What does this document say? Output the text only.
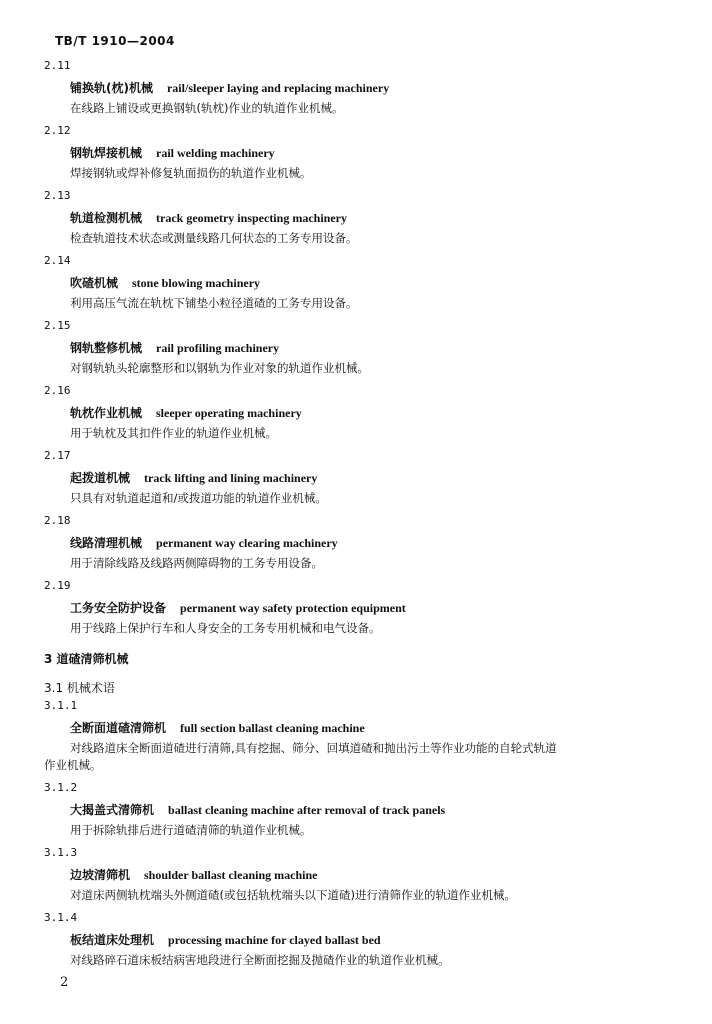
TB/T 1910—2004
2.11
铺换轨(枕)机械 rail/sleeper laying and replacing machinery
在线路上铺设或更换钢轨(轨枕)作业的轨道作业机械。
2.12
钢轨焊接机械 rail welding machinery
焊接钢轨或焊补修复轨面损伤的轨道作业机械。
2.13
轨道检测机械 track geometry inspecting machinery
检查轨道技术状态或测量线路几何状态的工务专用设备。
2.14
吹碴机械 stone blowing machinery
利用高压气流在轨枕下铺垫小粒径道碴的工务专用设备。
2.15
钢轨整修机械 rail profiling machinery
对钢轨轨头轮廓整形和以钢轨为作业对象的轨道作业机械。
2.16
轨枕作业机械 sleeper operating machinery
用于轨枕及其扣件作业的轨道作业机械。
2.17
起拨道机械 track lifting and lining machinery
只具有对轨道起道和/或拨道功能的轨道作业机械。
2.18
线路清理机械 permanent way clearing machinery
用于清除线路及线路两侧障碍物的工务专用设备。
2.19
工务安全防护设备 permanent way safety protection equipment
用于线路上保护行车和人身安全的工务专用机械和电气设备。
3 道碴清筛机械
3.1 机械术语
3.1.1
全断面道碴清筛机 full section ballast cleaning machine
对线路道床全断面道碴进行清筛,具有挖掘、筛分、回填道碴和抛出污土等作业功能的自轮式轨道
作业机械。
3.1.2
大揭盖式清筛机 ballast cleaning machine after removal of track panels
用于拆除轨排后进行道碴清筛的轨道作业机械。
3.1.3
边坡清筛机 shoulder ballast cleaning machine
对道床两侧轨枕端头外侧道碴(或包括轨枕端头以下道碴)进行清筛作业的轨道作业机械。
3.1.4
板结道床处理机 processing machine for clayed ballast bed
对线路碎石道床板结病害地段进行全断面挖掘及抛碴作业的轨道作业机械。
2
